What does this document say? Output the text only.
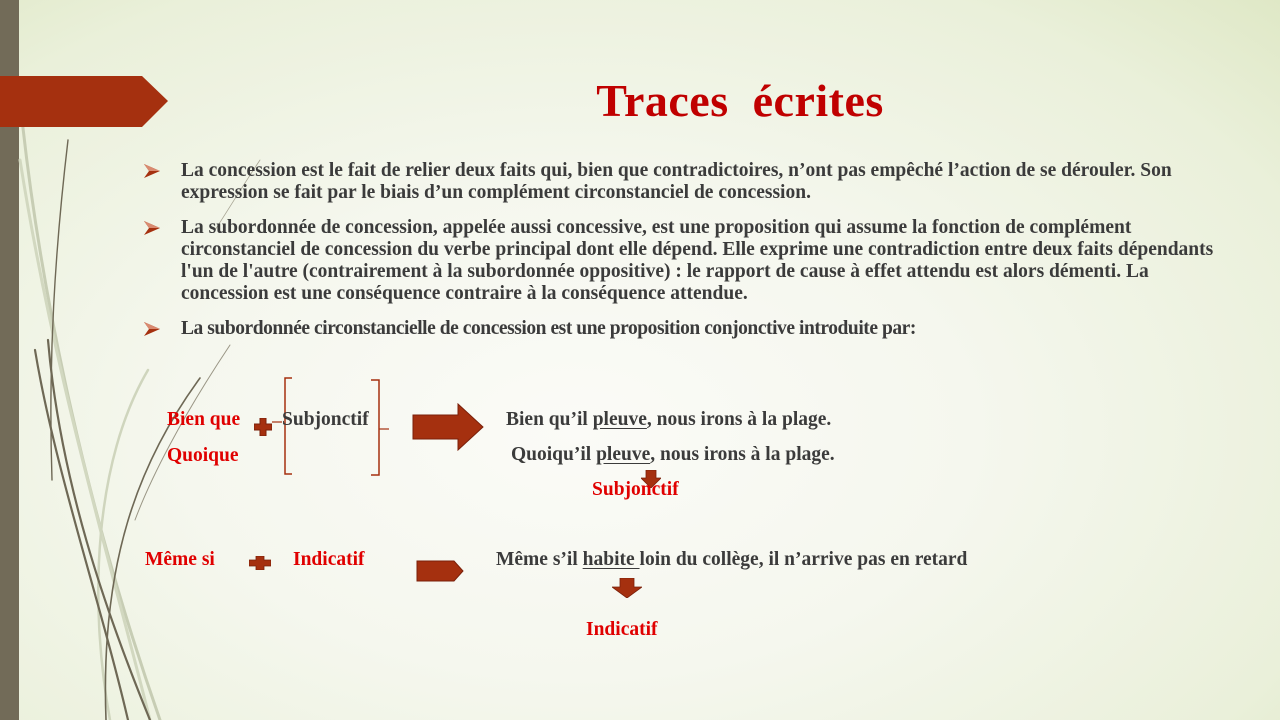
Traces  écrites
La concession est le fait de relier deux faits qui, bien que contradictoires, n’ont pas empêché l’action de se dérouler. Son expression se fait par le biais d’un complément circonstanciel de concession.
La subordonnée de concession, appelée aussi concessive, est une proposition qui assume la fonction de complément circonstanciel de concession du verbe principal dont elle dépend. Elle exprime une contradiction entre deux faits dépendants l'un de l'autre (contrairement à la subordonnée oppositive) : le rapport de cause à effet attendu est alors démenti. La concession est une conséquence contraire à la conséquence attendue.
La subordonnée circonstancielle de concession est une proposition conjonctive introduite par:
Bien que
Quoique
Subjonctif	Bien qu’il pleuve, nous irons à la plage.
Quoiqu’il pleuve, nous irons à la plage.
Subjonctif
Même si	Indicatif	Même s’il habite loin du collège, il n’arrive pas en retard
Indicatif
